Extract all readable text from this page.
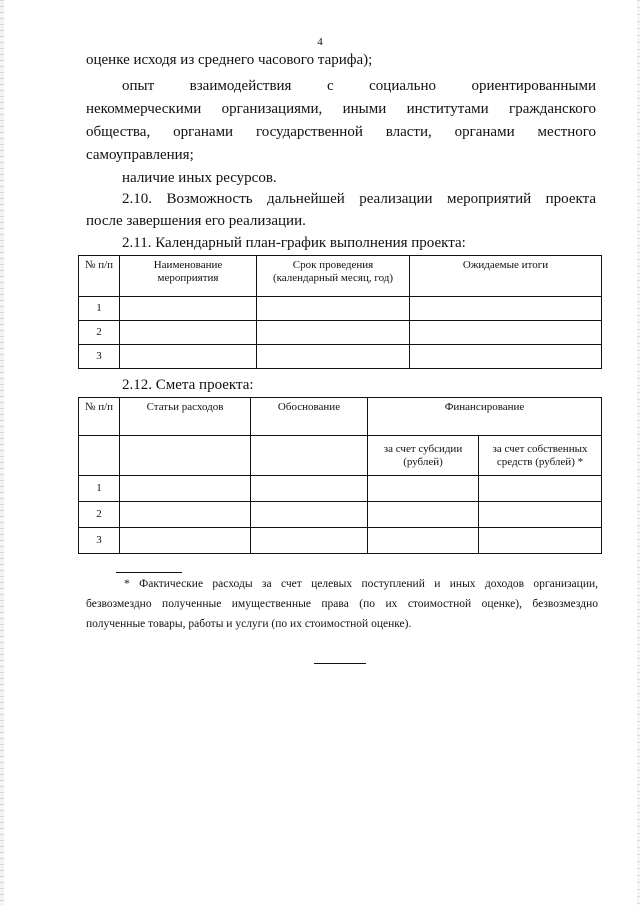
4
оценке исходя из среднего часового тарифа);
опыт взаимодействия с социально ориентированными
некоммерческими организациями, иными институтами гражданского
общества, органами государственной власти, органами местного
самоуправления;
наличие иных ресурсов.
2.10. Возможность дальнейшей реализации мероприятий проекта
после завершения его реализации.
2.11. Календарный план-график выполнения проекта:
№ п/п	Наименование мероприятия	Срок проведения (календарный месяц, год)	Ожидаемые итоги
1			
2			
3			
2.12. Смета проекта:
№ п/п	Статьи расходов	Обоснование	Финансирование	
			за счет субсидии (рублей)	за счет собственных средств (рублей) *
1				
2				
3				
* Фактические расходы за счет целевых поступлений и иных доходов организации,
безвозмездно полученные имущественные права (по их стоимостной оценке), безвозмездно
полученные товары, работы и услуги (по их стоимостной оценке).
